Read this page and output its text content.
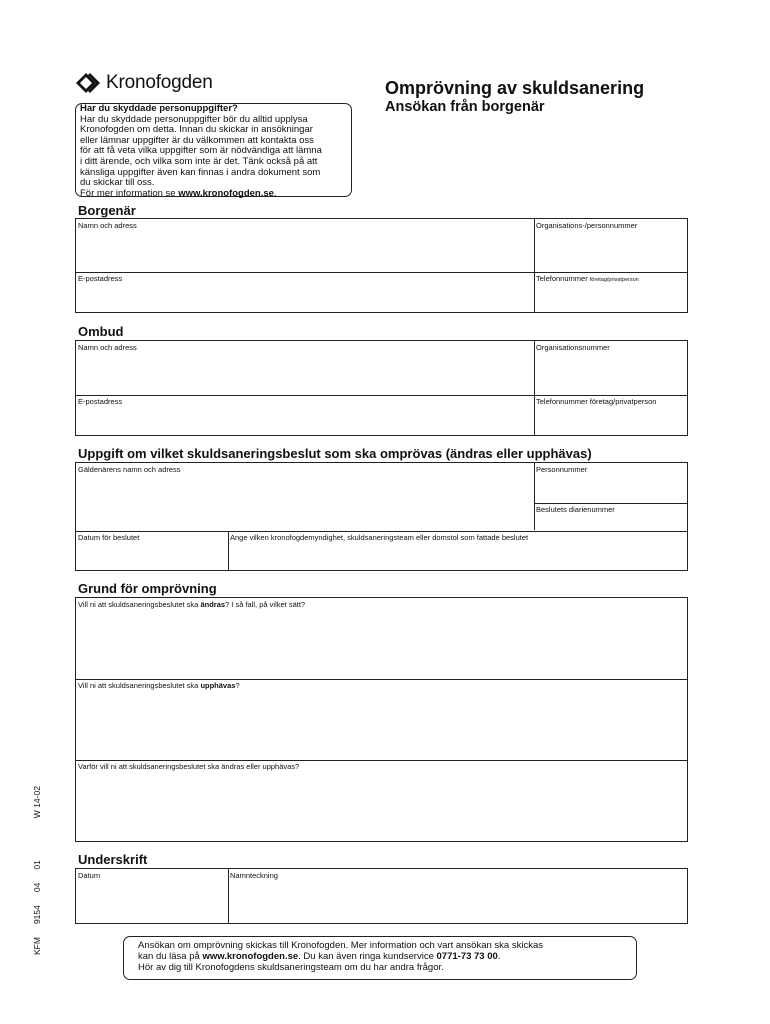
Kronofogden	Omprövning av skuldsanering
Ansökan från borgenär
Har du skyddade personuppgifter?
Har du skyddade personuppgifter bör du alltid upplysa
Kronofogden om detta. Innan du skickar in ansökningar
eller lämnar uppgifter är du välkommen att kontakta oss
för att få veta vilka uppgifter som är nödvändiga att lämna
i ditt ärende, och vilka som inte är det. Tänk också på att
känsliga uppgifter även kan finnas i andra dokument som
du skickar till oss.
För mer information se www.kronofogden.se.
Borgenär
Namn och adress	Organisations-/personnummer
E-postadress	Telefonnummer företag/privatperson
Ombud
Namn och adress	Organisationsnummer
E-postadress	Telefonnummer företag/privatperson
Uppgift om vilket skuldsaneringsbeslut som ska omprövas (ändras eller upphävas)
Gäldenärens namn och adress	Personnummer
Beslutets diarienummer
Datum för beslutet	Ange vilken kronofogdemyndighet, skuldsaneringsteam eller domstol som fattade beslutet
Grund för omprövning
Vill ni att skuldsaneringsbeslutet ska ändras? I så fall, på vilket sätt?
Vill ni att skuldsaneringsbeslutet ska upphävas?
Varför vill ni att skuldsaneringsbeslutet ska ändras eller upphävas?
Underskrift
Datum	Namnteckning
KFM91540401W 14-02
Ansökan om omprövning skickas till Kronofogden. Mer information och vart ansökan ska skickas
kan du läsa på www.kronofogden.se. Du kan även ringa kundservice 0771-73 73 00.
Hör av dig till Kronofogdens skuldsaneringsteam om du har andra frågor.
